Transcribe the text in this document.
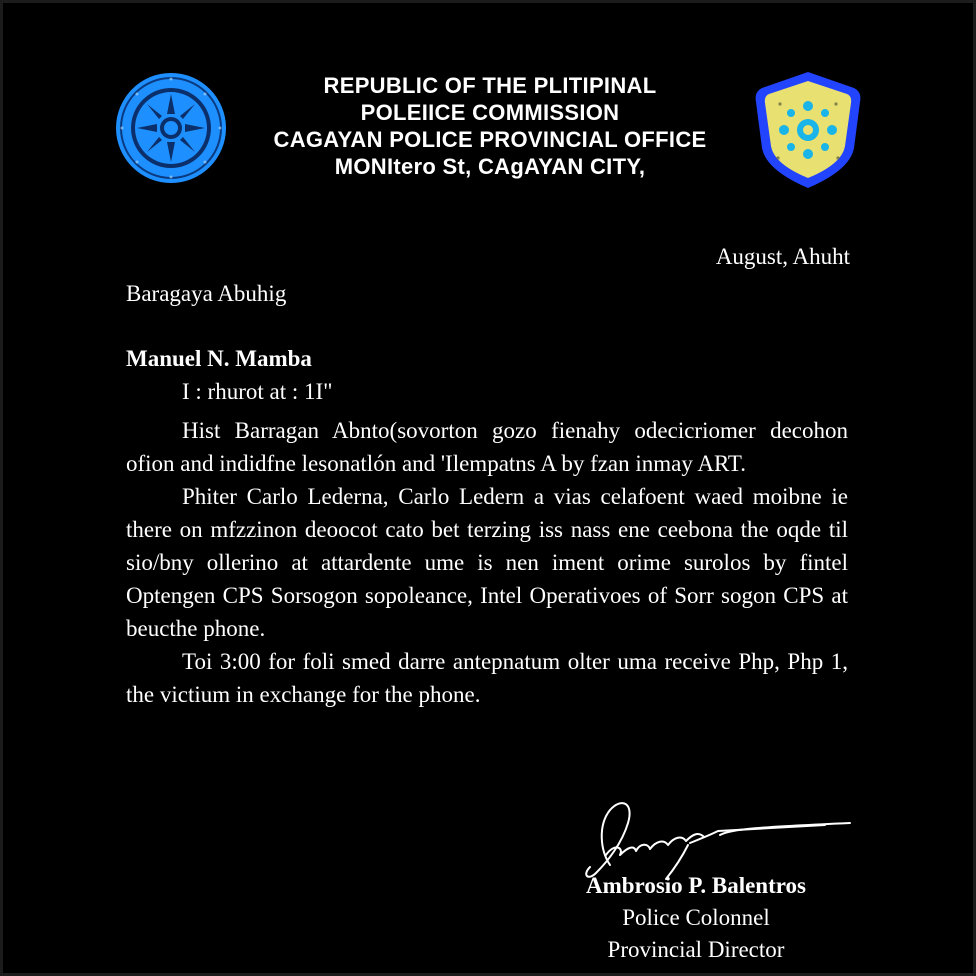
REPUBLIC OF THE PLITIPINAL
POLEIICE COMMISSION
CAGAYAN POLICE PROVINCIAL OFFICE
MONItero St, CAgAYAN CITY,
August, Ahuht
Baragaya Abuhig
Manuel N. Mamba
I : rhurot at : 1I"

Hist Barragan Abnto(sovorton gozo fienahy odecicriomer decohon ofion and indidfne lesonatlón and 'Ilempatns A by fzan inmay ART.

Phiter Carlo Lederna, Carlo Ledern a vias celafoent waed moibne ie there on mfzzinon deoocot cato bet terzing iss nass ene ceebona the oqde til sio/bny ollerino at attardente ume is nen iment orime surolos by fintel Optengen CPS Sorsogon sopoleance, Intel Operativoes of Sorr sogon CPS at beucthe phone.

Toi 3:00 for foli smed darre antepnatum olter uma receive Php, Php 1, the victium in exchange for the phone.

Ambrosio P. Balentros
Police Colonnel
Provincial Director
